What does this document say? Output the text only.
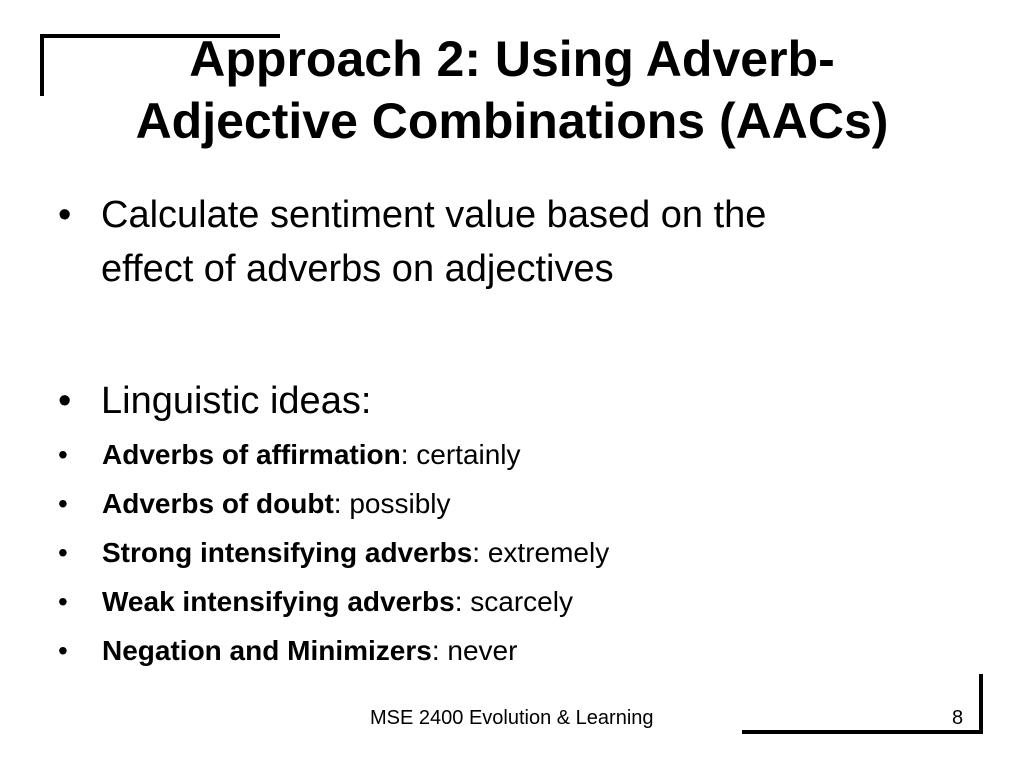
Approach 2: Using Adverb-
Adjective Combinations (AACs)
• Calculate sentiment value based on the
effect of adverbs on adjectives
• Linguistic ideas:
• Adverbs of affirmation: certainly
• Adverbs of doubt: possibly
• Strong intensifying adverbs: extremely
• Weak intensifying adverbs: scarcely
• Negation and Minimizers: never
MSE 2400 Evolution & Learning	8
